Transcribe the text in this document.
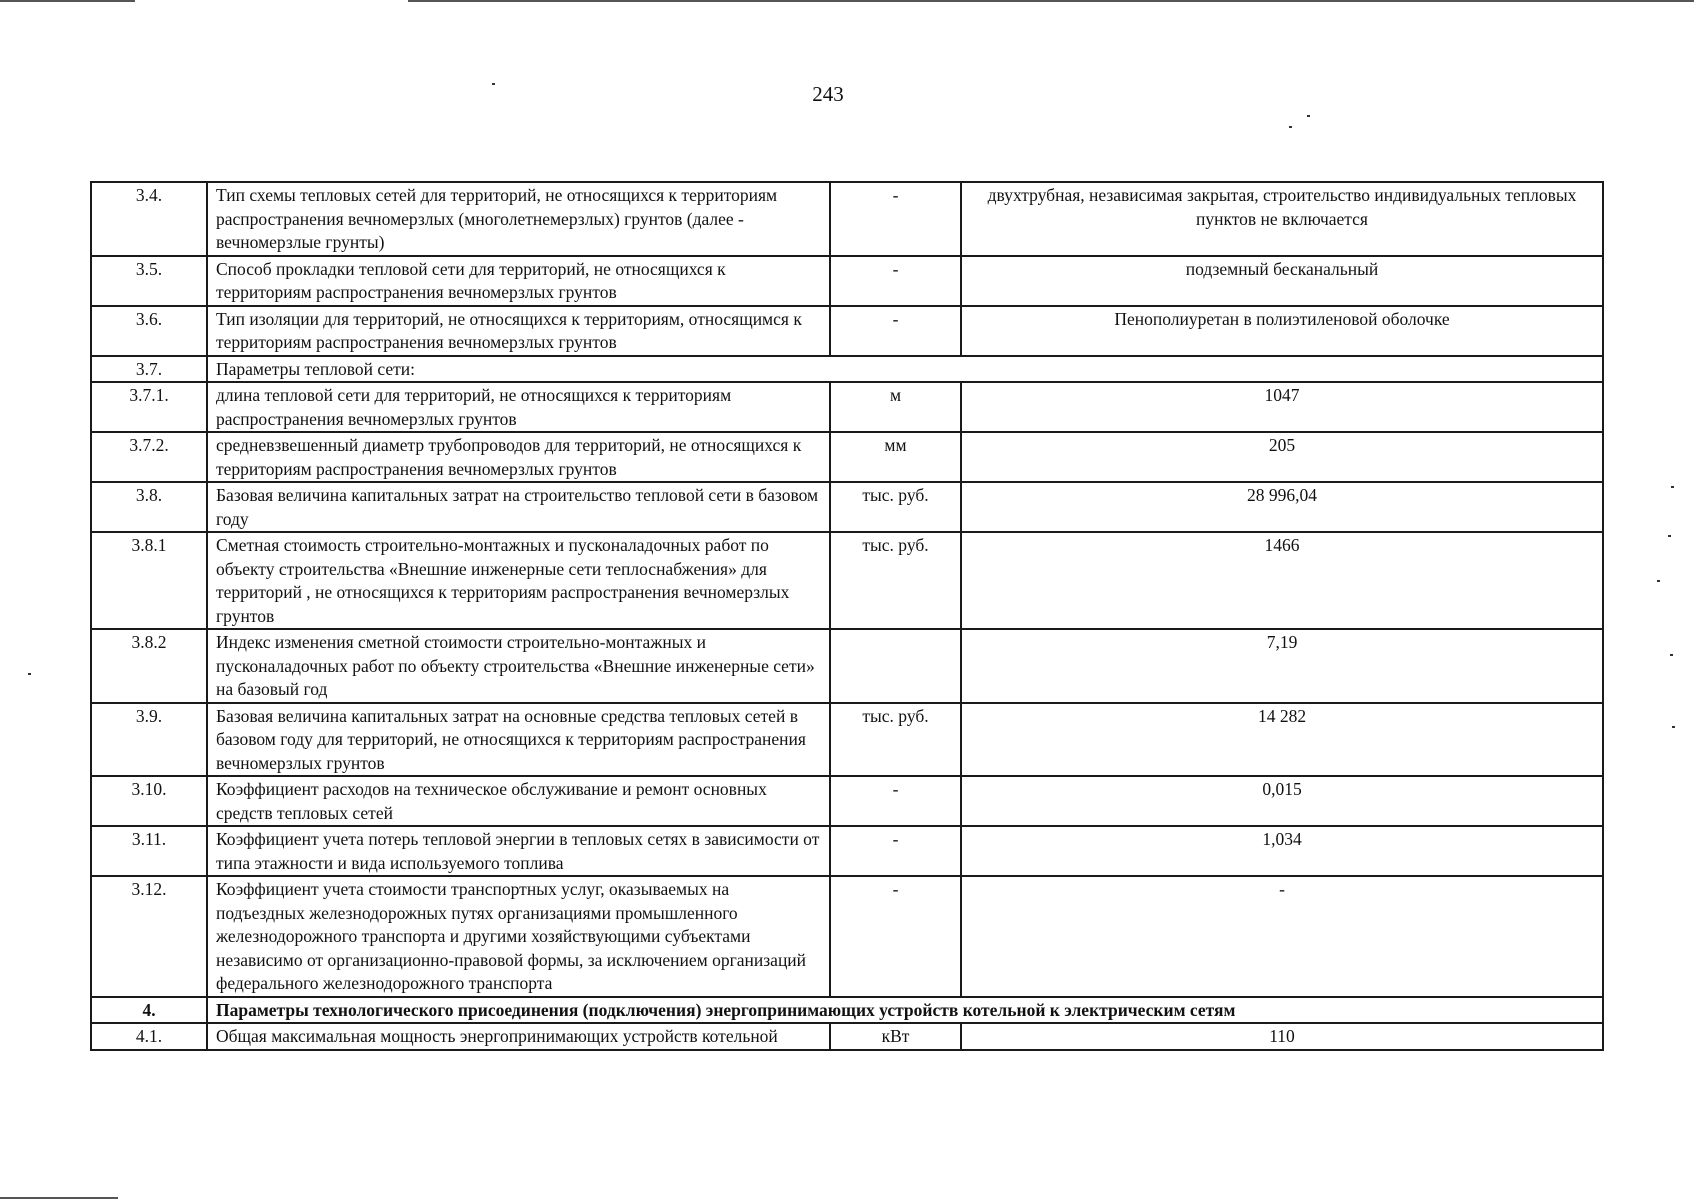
243
3.4.	Тип схемы тепловых сетей для территорий, не относящихся к территориям распространения вечномерзлых (многолетнемерзлых) грунтов (далее - вечномерзлые грунты)	-	двухтрубная, независимая закрытая, строительство индивидуальных тепловых пунктов не включается
3.5.	Способ прокладки тепловой сети для территорий, не относящихся к территориям распространения вечномерзлых грунтов	-	подземный бесканальный
3.6.	Тип изоляции для территорий, не относящихся к территориям, относящимся к территориям распространения вечномерзлых грунтов	-	Пенополиуретан в полиэтиленовой оболочке
3.7.	Параметры тепловой сети:		
3.7.1.	длина тепловой сети для территорий, не относящихся к территориям распространения вечномерзлых грунтов	м	1047
3.7.2.	средневзвешенный диаметр трубопроводов для территорий, не относящихся к территориям распространения вечномерзлых грунтов	мм	205
3.8.	Базовая величина капитальных затрат на строительство тепловой сети в базовом году	тыс. руб.	28 996,04
3.8.1	Сметная стоимость строительно-монтажных и пусконаладочных работ по объекту строительства «Внешние инженерные сети теплоснабжения» для территорий , не относящихся к территориям распространения вечномерзлых грунтов	тыс. руб.	1466
3.8.2	Индекс изменения сметной стоимости строительно-монтажных и пусконаладочных работ по объекту строительства «Внешние инженерные сети» на базовый год		7,19
3.9.	Базовая величина капитальных затрат на основные средства тепловых сетей в базовом году для территорий, не относящихся к территориям распространения вечномерзлых грунтов	тыс. руб.	14 282
3.10.	Коэффициент расходов на техническое обслуживание и ремонт основных средств тепловых сетей	-	0,015
3.11.	Коэффициент учета потерь тепловой энергии в тепловых сетях в зависимости от типа этажности и вида используемого топлива	-	1,034
3.12.	Коэффициент учета стоимости транспортных услуг, оказываемых на подъездных железнодорожных путях организациями промышленного железнодорожного транспорта и другими хозяйствующими субъектами независимо от организационно-правовой формы, за исключением организаций федерального железнодорожного транспорта	-	-
4.	Параметры технологического присоединения (подключения) энергопринимающих устройств котельной к электрическим сетям		
4.1.	Общая максимальная мощность энергопринимающих устройств котельной	кВт	110
